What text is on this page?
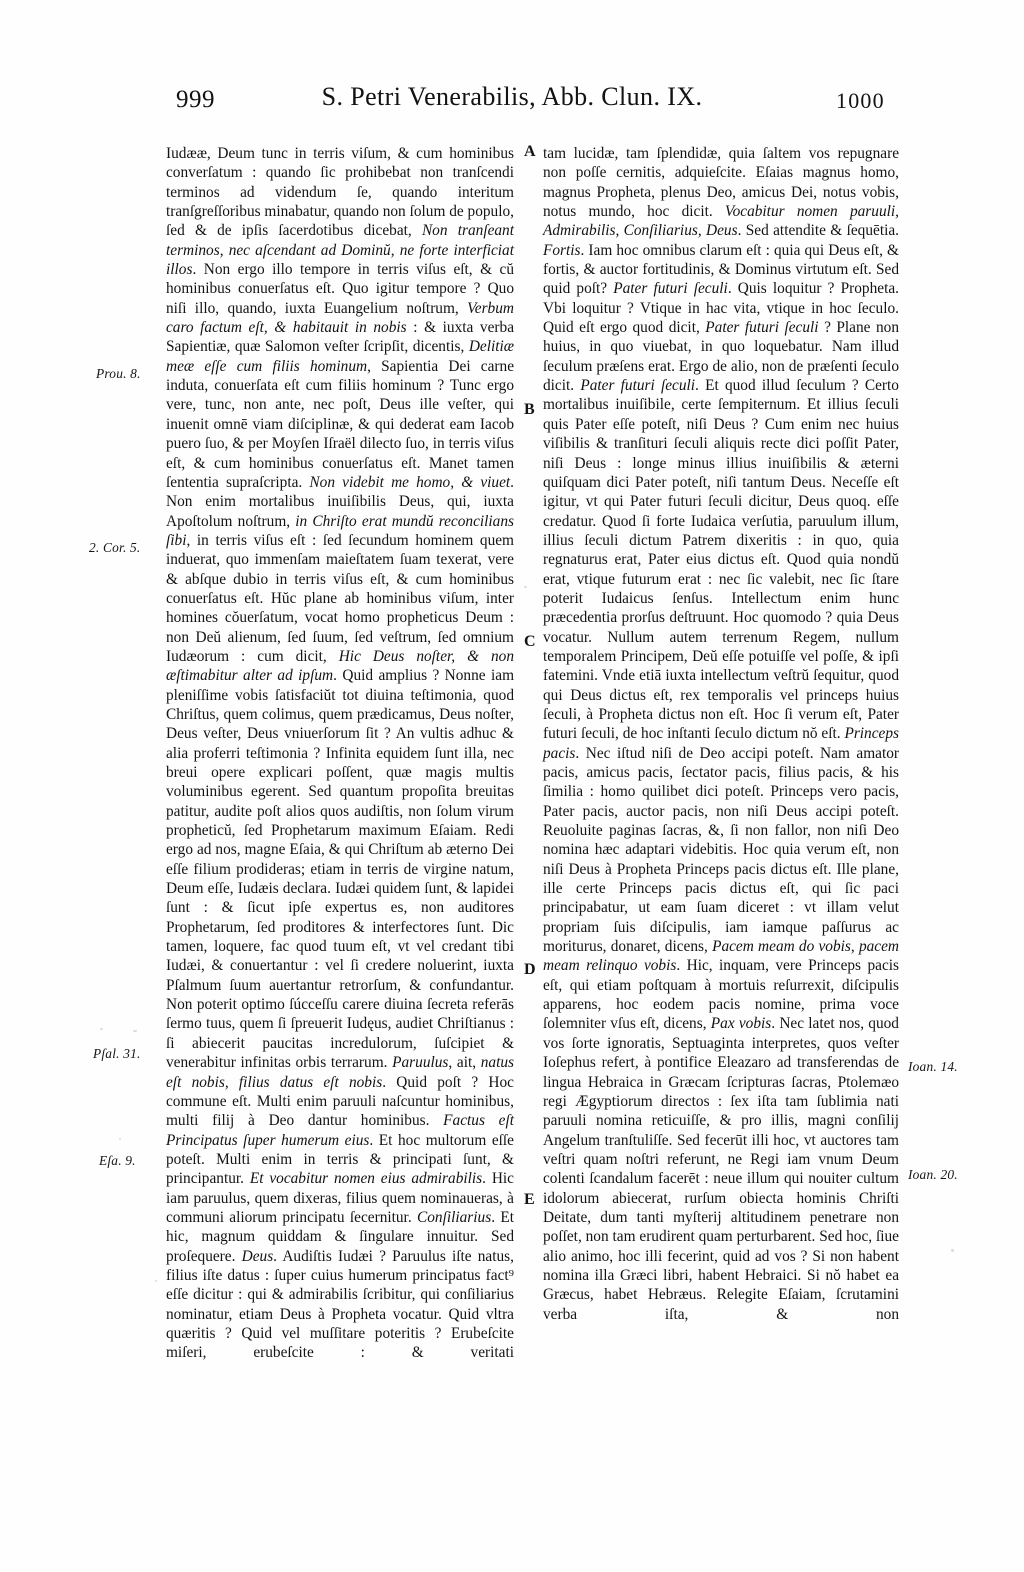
999	S. Petri Venerabilis, Abb. Clun. IX.	1000

Iudææ, Deum tunc in terris viſum, & cum hominibus converſatum : quando ſic prohibebat non tranſcendi terminos ad videndum ſe, quando interitum tranſgreſſoribus minabatur, quando non ſolum de populo, ſed & de ipſis ſacerdotibus dicebat, Non tranſeant terminos, nec aſcendant ad Dominŭ, ne forte interficiat illos. Non ergo illo tempore in terris viſus eſt, & cŭ hominibus conuerſatus eſt. Quo igitur tempore ? Quo niſi illo, quando, iuxta Euangelium noſtrum, Verbum caro factum eſt, & habitauit in nobis : & iuxta verba Sapientiæ, quæ Salomon veſter ſcripſit, dicentis, Delitiæ meæ eſſe cum filiis hominum, Sapientia Dei carne induta, conuerſata eſt cum filiis hominum ? Tunc ergo vere, tunc, non ante, nec poſt, Deus ille veſter, qui inuenit omnē viam diſciplinæ, & qui dederat eam Iacob puero ſuo, & per Moyſen Iſraël dilecto ſuo, in terris viſus eſt, & cum hominibus conuerſatus eſt. Manet tamen ſententia supraſcripta. Non videbit me homo, & viuet. Non enim mortalibus inuiſibilis Deus, qui, iuxta Apoſtolum noſtrum, in Chriſto erat mundŭ reconcilians ſibi, in terris viſus eſt : ſed ſecundum hominem quem induerat, quo immenſam maieſtatem ſuam texerat, vere & abſque dubio in terris viſus eſt, & cum hominibus conuerſatus eſt. Hŭc plane ab hominibus viſum, inter homines cŏuerſatum, vocat homo propheticus Deum : non Deŭ alienum, ſed ſuum, ſed veſtrum, ſed omnium Iudæorum : cum dicit, Hic Deus noſter, & non æſtimabitur alter ad ipſum. Quid amplius ? Nonne iam pleniſſime vobis ſatisfaciŭt tot diuina teſtimonia, quod Chriſtus, quem colimus, quem prædicamus, Deus noſter, Deus veſter, Deus vniuerſorum ſit ? An vultis adhuc & alia proferri teſtimonia ? Infinita equidem ſunt illa, nec breui opere explicari poſſent, quæ magis multis voluminibus egerent. Sed quantum propoſita breuitas patitur, audite poſt alios quos audiſtis, non ſolum virum propheticŭ, ſed Prophetarum maximum Eſaiam. Redi ergo ad nos, magne Eſaia, & qui Chriſtum ab æterno Dei eſſe filium prodideras; etiam in terris de virgine natum, Deum eſſe, Iudæis declara. Iudæi quidem ſunt, & lapidei ſunt : & ſicut ipſe expertus es, non auditores Prophetarum, ſed proditores & interfectores ſunt. Dic tamen, loquere, fac quod tuum eſt, vt vel credant tibi Iudæi, & conuertantur : vel ſi credere noluerint, iuxta Pſalmum ſuum auertantur retrorſum, & confundantur. Non poterit optimo ſúcceſſu carere diuina ſecreta referās ſermo tuus, quem ſi ſpreuerit Iudęus, audiet Chriſtianus : ſi abiecerit paucitas incredulorum, ſuſcipiet & venerabitur infinitas orbis terrarum. Paruulus, ait, natus eſt nobis, filius datus eſt nobis. Quid poſt ? Hoc commune eſt. Multi enim paruuli naſcuntur hominibus, multi filij à Deo dantur hominibus. Factus eſt Principatus ſuper humerum eius. Et hoc multorum eſſe poteſt. Multi enim in terris & principati ſunt, & principantur. Et vocabitur nomen eius admirabilis. Hic iam paruulus, quem dixeras, filius quem nominaueras, à communi aliorum principatu ſecernitur. Conſiliarius. Et hic, magnum quiddam & ſingulare innuitur. Sed proſequere. Deus. Audiſtis Iudæi ? Paruulus iſte natus, filius iſte datus : ſuper cuius humerum principatus fact⁹ eſſe dicitur : qui & admirabilis ſcribitur, qui conſiliarius nominatur, etiam Deus à Propheta vocatur. Quid vltra quæritis ? Quid vel muſſitare poteritis ? Erubeſcite miſeri, erubeſcite : & veritati

tam lucidæ, tam ſplendidæ, quia ſaltem vos repugnare non poſſe cernitis, adquieſcite. Eſaias magnus homo, magnus Propheta, plenus Deo, amicus Dei, notus vobis, notus mundo, hoc dicit. Vocabitur nomen paruuli, Admirabilis, Conſiliarius, Deus. Sed attendite & ſequētia. Fortis. Iam hoc omnibus clarum eſt : quia qui Deus eſt, & fortis, & auctor fortitudinis, & Dominus virtutum eſt. Sed quid poſt? Pater futuri ſeculi. Quis loquitur ? Propheta. Vbi loquitur ? Vtique in hac vita, vtique in hoc ſeculo. Quid eſt ergo quod dicit, Pater futuri ſeculi ? Plane non huius, in quo viuebat, in quo loquebatur. Nam illud ſeculum præſens erat. Ergo de alio, non de præſenti ſeculo dicit. Pater futuri ſeculi. Et quod illud ſeculum ? Certo mortalibus inuiſibile, certe ſempiternum. Et illius ſeculi quis Pater eſſe poteſt, niſi Deus ? Cum enim nec huius viſibilis & tranſituri ſeculi aliquis recte dici poſſit Pater, niſi Deus : longe minus illius inuiſibilis & æterni quiſquam dici Pater poteſt, niſi tantum Deus. Neceſſe eſt igitur, vt qui Pater futuri ſeculi dicitur, Deus quoq. eſſe credatur. Quod ſi forte Iudaica verſutia, paruulum illum, illius ſeculi dictum Patrem dixeritis : in quo, quia regnaturus erat, Pater eius dictus eſt. Quod quia nondŭ erat, vtique futurum erat : nec ſic valebit, nec ſic ſtare poterit Iudaicus ſenſus. Intellectum enim hunc præcedentia prorſus deſtruunt. Hoc quomodo ? quia Deus vocatur. Nullum autem terrenum Regem, nullum temporalem Principem, Deŭ eſſe potuiſſe vel poſſe, & ipſi fatemini. Vnde etiā iuxta intellectum veſtrŭ ſequitur, quod qui Deus dictus eſt, rex temporalis vel princeps huius ſeculi, à Propheta dictus non eſt. Hoc ſi verum eſt, Pater futuri ſeculi, de hoc inſtanti ſeculo dictum nŏ eſt. Princeps pacis. Nec iſtud niſi de Deo accipi poteſt. Nam amator pacis, amicus pacis, ſectator pacis, filius pacis, & his ſimilia : homo quilibet dici poteſt. Princeps vero pacis, Pater pacis, auctor pacis, non niſi Deus accipi poteſt. Reuoluite paginas ſacras, &, ſi non fallor, non niſi Deo nomina hæc adaptari videbitis. Hoc quia verum eſt, non niſi Deus à Propheta Princeps pacis dictus eſt. Ille plane, ille certe Princeps pacis dictus eſt, qui ſic paci principabatur, ut eam ſuam diceret : vt illam velut propriam ſuis diſcipulis, iam iamque paſſurus ac moriturus, donaret, dicens, Pacem meam do vobis, pacem meam relinquo vobis. Hic, inquam, vere Princeps pacis eſt, qui etiam poſtquam à mortuis reſurrexit, diſcipulis apparens, hoc eodem pacis nomine, prima voce ſolemniter vſus eſt, dicens, Pax vobis. Nec latet nos, quod vos ſorte ignoratis, Septuaginta interpretes, quos veſter Ioſephus refert, à pontifice Eleazaro ad transferendas de lingua Hebraica in Græcam ſcripturas ſacras, Ptolemæo regi Ægyptiorum directos : ſex iſta tam ſublimia nati paruuli nomina reticuiſſe, & pro illis, magni conſilij Angelum tranſtuliſſe. Sed fecerūt illi hoc, vt auctores tam veſtri quam noſtri referunt, ne Regi iam vnum Deum colenti ſcandalum facerēt : neue illum qui nouiter cultum idolorum abiecerat, rurſum obiecta hominis Chriſti Deitate, dum tanti myſterij altitudinem penetrare non poſſet, non tam erudirent quam perturbarent. Sed hoc, ſiue alio animo, hoc illi fecerint, quid ad vos ? Si non habent nomina illa Græci libri, habent Hebraici. Si nŏ habet ea Græcus, habet Hebræus. Relegite Eſaiam, ſcrutamini verba iſta, & non

A
B
C
D
E
Prou. 8.
2. Cor. 5.
Pſal. 31.
Eſa. 9.
Ioan. 14.
Ioan. 20.
